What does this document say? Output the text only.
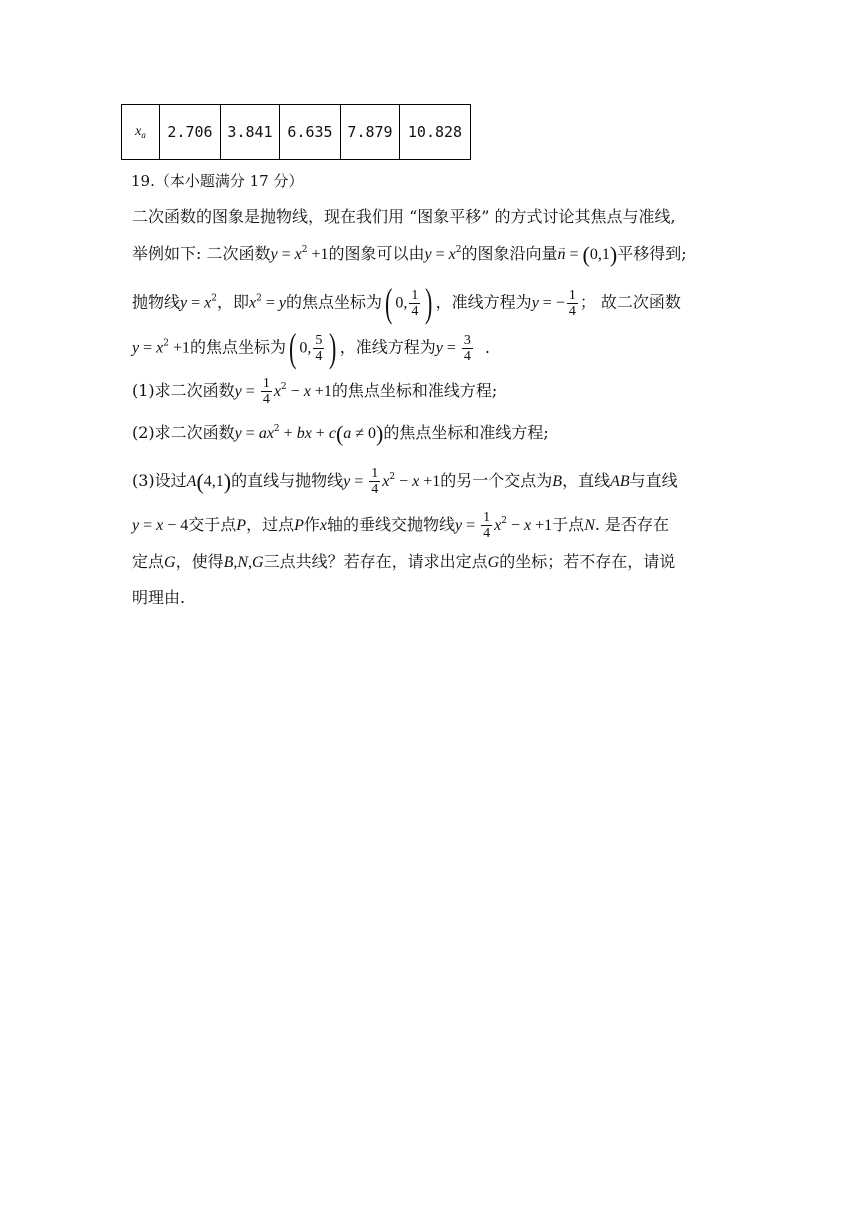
$x_a$	2.706	3.841	6.635	7.879	10.828
19.（本小题满分 17 分）
二次函数的图象是抛物线，现在我们用 “图象平移” 的方式讨论其焦点与准线,
举例如下: 二次函数$y = x^2 +1$的图象可以由$y = x^2$的图象沿向量→ n = (0,1)平移得到;
抛物线$y = x^2$，即$x^2 = y$的焦点坐标为( 0, $\frac{1}{4}$ ) ，准线方程为y = − $\frac{1}{4}$ ； 故二次函数
$y = x^2 +1$的焦点坐标为( 0, $\frac{5}{4}$ ) ，准线方程为$y = \frac{3}{4}$ .
(1)求二次函数$y = \frac{1}{4} x^2 - x +1$的焦点坐标和准线方程;
(2)求二次函数$y = ax^2$ + bx + c(a ≠ 0)的焦点坐标和准线方程;
(3)设过A(4,1)的直线与抛物线$y = \frac{1}{4} x^2 - x +1$的另一个交点为B，直线AB与直线
y = x − 4交于点P，过点P作x轴的垂线交抛物线$y = \frac{1}{4} x^2 - x +1$于点N. 是否存在
定点G，使得B,N,G三点共线？若存在，请求出定点G的坐标；若不存在，请说
明理由.
